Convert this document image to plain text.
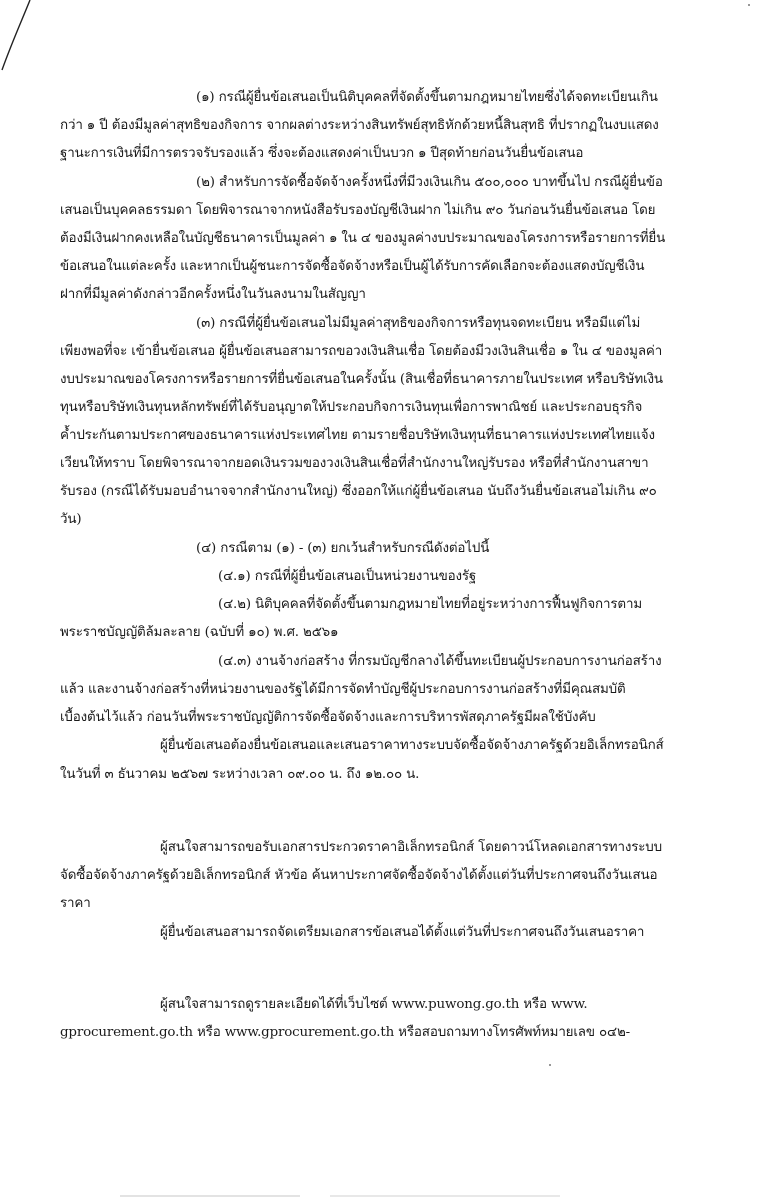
(๑) กรณีผู้ยื่นข้อเสนอเป็นนิติบุคคลที่จัดตั้งขึ้นตามกฎหมายไทยซึ่งได้จดทะเบียนเกิน
กว่า ๑ ปี ต้องมีมูลค่าสุทธิของกิจการ จากผลต่างระหว่างสินทรัพย์สุทธิหักด้วยหนี้สินสุทธิ ที่ปรากฏในงบแสดง
ฐานะการเงินที่มีการตรวจรับรองแล้ว ซึ่งจะต้องแสดงค่าเป็นบวก ๑ ปีสุดท้ายก่อนวันยื่นข้อเสนอ
(๒) สำหรับการจัดซื้อจัดจ้างครั้งหนึ่งที่มีวงเงินเกิน ๕๐๐,๐๐๐ บาทขึ้นไป กรณีผู้ยื่นข้อ
เสนอเป็นบุคคลธรรมดา โดยพิจารณาจากหนังสือรับรองบัญชีเงินฝาก ไม่เกิน ๙๐ วันก่อนวันยื่นข้อเสนอ โดย
ต้องมีเงินฝากคงเหลือในบัญชีธนาคารเป็นมูลค่า ๑ ใน ๔ ของมูลค่างบประมาณของโครงการหรือรายการที่ยื่น
ข้อเสนอในแต่ละครั้ง และหากเป็นผู้ชนะการจัดซื้อจัดจ้างหรือเป็นผู้ได้รับการคัดเลือกจะต้องแสดงบัญชีเงิน
ฝากที่มีมูลค่าดังกล่าวอีกครั้งหนึ่งในวันลงนามในสัญญา
(๓) กรณีที่ผู้ยื่นข้อเสนอไม่มีมูลค่าสุทธิของกิจการหรือทุนจดทะเบียน หรือมีแต่ไม่
เพียงพอที่จะ เข้ายื่นข้อเสนอ ผู้ยื่นข้อเสนอสามารถขอวงเงินสินเชื่อ โดยต้องมีวงเงินสินเชื่อ ๑ ใน ๔ ของมูลค่า
งบประมาณของโครงการหรือรายการที่ยื่นข้อเสนอในครั้งนั้น (สินเชื่อที่ธนาคารภายในประเทศ หรือบริษัทเงิน
ทุนหรือบริษัทเงินทุนหลักทรัพย์ที่ได้รับอนุญาตให้ประกอบกิจการเงินทุนเพื่อการพาณิชย์ และประกอบธุรกิจ
ค้ำประกันตามประกาศของธนาคารแห่งประเทศไทย ตามรายชื่อบริษัทเงินทุนที่ธนาคารแห่งประเทศไทยแจ้ง
เวียนให้ทราบ โดยพิจารณาจากยอดเงินรวมของวงเงินสินเชื่อที่สำนักงานใหญ่รับรอง หรือที่สำนักงานสาขา
รับรอง (กรณีได้รับมอบอำนาจจากสำนักงานใหญ่) ซึ่งออกให้แก่ผู้ยื่นข้อเสนอ นับถึงวันยื่นข้อเสนอไม่เกิน ๙๐
วัน)
(๔) กรณีตาม (๑) - (๓) ยกเว้นสำหรับกรณีดังต่อไปนี้
(๔.๑) กรณีที่ผู้ยื่นข้อเสนอเป็นหน่วยงานของรัฐ
(๔.๒) นิติบุคคลที่จัดตั้งขึ้นตามกฎหมายไทยที่อยู่ระหว่างการฟื้นฟูกิจการตาม
พระราชบัญญัติล้มละลาย (ฉบับที่ ๑๐) พ.ศ. ๒๕๖๑
(๔.๓) งานจ้างก่อสร้าง ที่กรมบัญชีกลางได้ขึ้นทะเบียนผู้ประกอบการงานก่อสร้าง
แล้ว และงานจ้างก่อสร้างที่หน่วยงานของรัฐได้มีการจัดทำบัญชีผู้ประกอบการงานก่อสร้างที่มีคุณสมบัติ
เบื้องต้นไว้แล้ว ก่อนวันที่พระราชบัญญัติการจัดซื้อจัดจ้างและการบริหารพัสดุภาครัฐมีผลใช้บังคับ
ผู้ยื่นข้อเสนอต้องยื่นข้อเสนอและเสนอราคาทางระบบจัดซื้อจัดจ้างภาครัฐด้วยอิเล็กทรอนิกส์
ในวันที่ ๓ ธันวาคม ๒๕๖๗ ระหว่างเวลา ๐๙.๐๐ น. ถึง ๑๒.๐๐ น.
ผู้สนใจสามารถขอรับเอกสารประกวดราคาอิเล็กทรอนิกส์ โดยดาวน์โหลดเอกสารทางระบบ
จัดซื้อจัดจ้างภาครัฐด้วยอิเล็กทรอนิกส์ หัวข้อ ค้นหาประกาศจัดซื้อจัดจ้างได้ตั้งแต่วันที่ประกาศจนถึงวันเสนอ
ราคา
ผู้ยื่นข้อเสนอสามารถจัดเตรียมเอกสารข้อเสนอได้ตั้งแต่วันที่ประกาศจนถึงวันเสนอราคา
ผู้สนใจสามารถดูรายละเอียดได้ที่เว็บไซต์ www.puwong.go.th หรือ www.
gprocurement.go.th หรือ www.gprocurement.go.th หรือสอบถามทางโทรศัพท์หมายเลข ๐๔๒-
